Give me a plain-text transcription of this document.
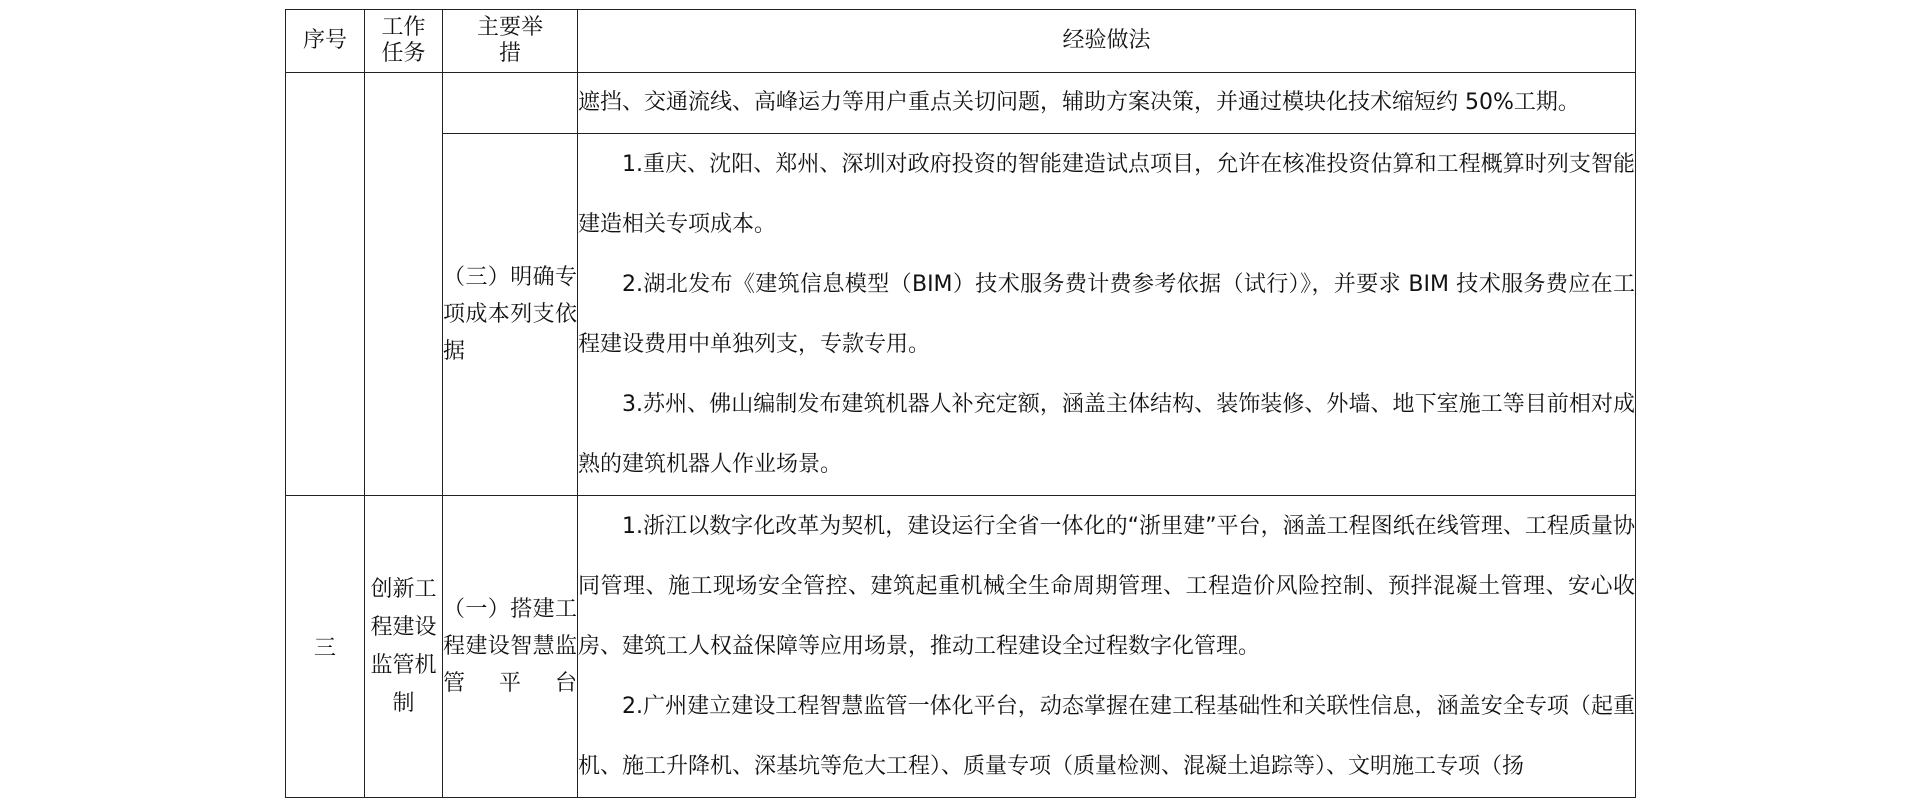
序号	工作任务	主要举措	经验做法

			遮挡、交通流线、高峰运力等用户重点关切问题，辅助方案决策，并通过模块化技术缩短约 50%工期。

		（三）明确专项成本列支依据	1.重庆、沈阳、郑州、深圳对政府投资的智能建造试点项目，允许在核准投资估算和工程概算时列支智能建造相关专项成本。

2.湖北发布《建筑信息模型（BIM）技术服务费计费参考依据（试行）》，并要求 BIM 技术服务费应在工程建设费用中单独列支，专款专用。

3.苏州、佛山编制发布建筑机器人补充定额，涵盖主体结构、装饰装修、外墙、地下室施工等目前相对成熟的建筑机器人作业场景。

三	创新工程建设监管机制	（一）搭建工程建设智慧监管平台	1.浙江以数字化改革为契机，建设运行全省一体化的“浙里建”平台，涵盖工程图纸在线管理、工程质量协同管理、施工现场安全管控、建筑起重机械全生命周期管理、工程造价风险控制、预拌混凝土管理、安心收房、建筑工人权益保障等应用场景，推动工程建设全过程数字化管理。

2.广州建立建设工程智慧监管一体化平台，动态掌握在建工程基础性和关联性信息，涵盖安全专项（起重机、施工升降机、深基坑等危大工程）、质量专项（质量检测、混凝土追踪等）、文明施工专项（扬
